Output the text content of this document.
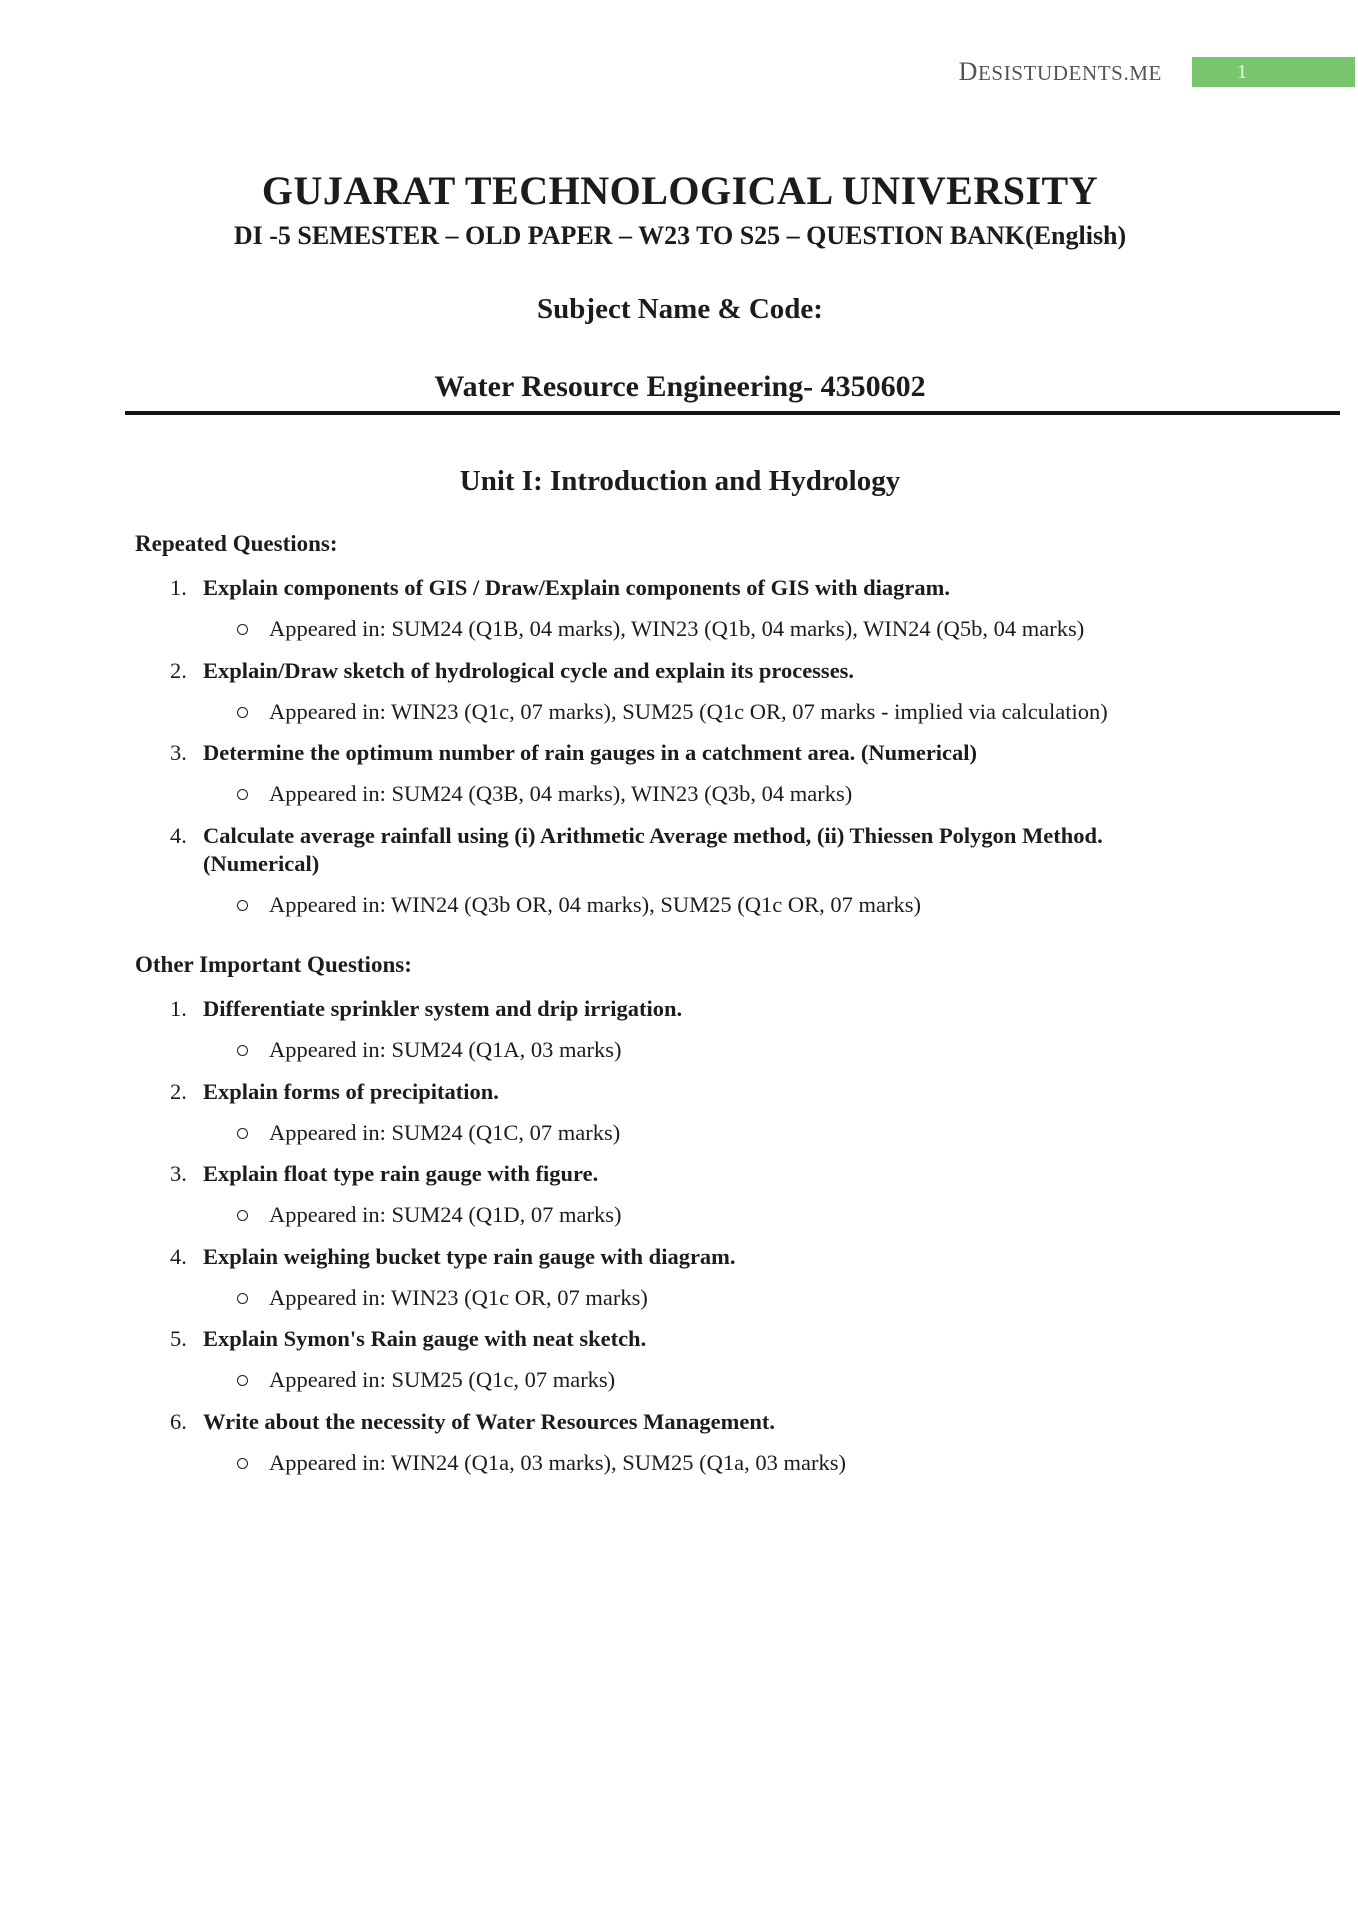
DESISTUDENTS.ME	1
GUJARAT TECHNOLOGICAL UNIVERSITY
DI -5 SEMESTER – OLD PAPER – W23 TO S25 – QUESTION BANK(English)
Subject Name & Code:
Water Resource Engineering- 4350602
Unit I: Introduction and Hydrology
Repeated Questions:
1. Explain components of GIS / Draw/Explain components of GIS with diagram.
Appeared in: SUM24 (Q1B, 04 marks), WIN23 (Q1b, 04 marks), WIN24 (Q5b, 04 marks)
2. Explain/Draw sketch of hydrological cycle and explain its processes.
Appeared in: WIN23 (Q1c, 07 marks), SUM25 (Q1c OR, 07 marks - implied via calculation)
3. Determine the optimum number of rain gauges in a catchment area. (Numerical)
Appeared in: SUM24 (Q3B, 04 marks), WIN23 (Q3b, 04 marks)
4. Calculate average rainfall using (i) Arithmetic Average method, (ii) Thiessen Polygon Method. (Numerical)
Appeared in: WIN24 (Q3b OR, 04 marks), SUM25 (Q1c OR, 07 marks)
Other Important Questions:
1. Differentiate sprinkler system and drip irrigation.
Appeared in: SUM24 (Q1A, 03 marks)
2. Explain forms of precipitation.
Appeared in: SUM24 (Q1C, 07 marks)
3. Explain float type rain gauge with figure.
Appeared in: SUM24 (Q1D, 07 marks)
4. Explain weighing bucket type rain gauge with diagram.
Appeared in: WIN23 (Q1c OR, 07 marks)
5. Explain Symon's Rain gauge with neat sketch.
Appeared in: SUM25 (Q1c, 07 marks)
6. Write about the necessity of Water Resources Management.
Appeared in: WIN24 (Q1a, 03 marks), SUM25 (Q1a, 03 marks)
